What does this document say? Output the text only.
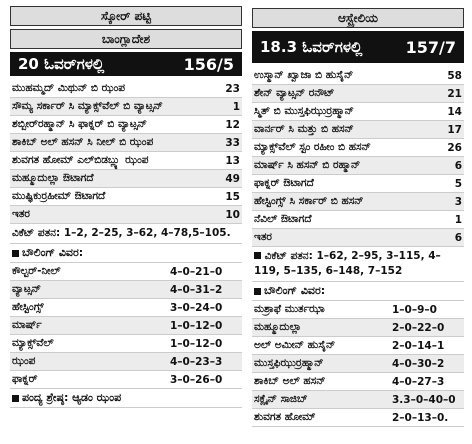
ಸ್ಕೋರ್ ಪಟ್ಟಿ
ಬಾಂಗ್ಲಾದೇಶ
20 ಓವರ್‌ಗಳಲ್ಲಿ	156/5
ಮುಹಮ್ಮದ್ ಮಿಥುನ್ ಬಿ ಝಂಪ	23
ಸೌಮ್ಯ ಸರ್ಕಾರ್ ಸಿ ಮ್ಯಾಕ್ಸ್‌ವೆಲ್ ಬಿ ವ್ಯಾಟ್ಸನ್	1
ಶಬ್ಬೀರ್‌ರಹ್ಮಾನ್ ಸಿ ಫಾಕ್ನರ್ ಬಿ ವ್ಯಾಟ್ಸನ್	12
ಶಾಕಿಬ್ ಅಲ್ ಹಸನ್ ಸಿ ನೀಲ್ ಬಿ ಝಂಪ	33
ಶುವಗತ ಹೋಮ್ ಎಲ್‌ಬಿಡಬ್ಲ್ಯು ಝಂಪ	13
ಮಹ್ಮೂದುಲ್ಲಾ ಔಟಾಗದೆ	49
ಮುಷ್ಫಿಕುರ್ರಹೀಮ್ ಔಟಾಗದೆ	15
ಇತರ	10
ವಿಕೆಟ್ ಪತನ: 1–2, 2–25, 3–62, 4–78,5–105.
ಬೌಲಿಂಗ್ ವಿವರ:
ಕೌಲ್ಟರ್-ನೀಲ್	4–0–21–0
ವ್ಯಾಟ್ಸನ್	4–0–31–2
ಹೇಸ್ಟಿಂಗ್ಸ್	3–0–24–0
ಮಾರ್ಷ್	1–0–12–0
ಮ್ಯಾಕ್ಸ್‌ವೆಲ್	1–0–12–0
ಝಂಪ	4–0–23–3
ಫಾಕ್ನರ್	3–0–26–0
ಪಂದ್ಯ ಶ್ರೇಷ್ಠ: ಆ್ಯಡಂ ಝಂಪ
ಆಸ್ಟ್ರೇಲಿಯ
18.3 ಓವರ್‌ಗಳಲ್ಲಿ	157/7
ಉಸ್ಮಾನ್ ಖ್ವಾಜಾ ಬಿ ಹುಸೈನ್	58
ಶೇನ್ ವ್ಯಾಟ್ಸನ್ ರನೌಟ್	21
ಸ್ಮಿತ್ ಬಿ ಮುಸ್ತಫಿಝುರ್ರಹ್ಮಾನ್	14
ವಾರ್ನರ್ ಸಿ ಮತ್ತು ಬಿ ಹಸನ್	17
ಮ್ಯಾಕ್ಸ್‌ವೆಲ್ ಸ್ಟಂ ರಹೀಂ ಬಿ ಹಸನ್	26
ಮಾರ್ಷ್ ಸಿ ಹಸನ್ ಬಿ ರಹ್ಮಾನ್	6
ಫಾಕ್ನರ್ ಔಟಾಗದೆ	5
ಹೇಸ್ಟಿಂಗ್ಸ್ ಸಿ ಸರ್ಕಾರ್ ಬಿ ಹಸನ್	3
ನೆವಿಲ್ ಔಟಾಗದೆ	1
ಇತರ	6
ವಿಕೆಟ್ ಪತನ: 1–62, 2–95, 3–115, 4–119, 5–135, 6–148, 7–152
ಬೌಲಿಂಗ್ ವಿವರ:
ಮಶ್ರಾಫೆ ಮುರ್ತಝಾ	1–0–9–0
ಮಹ್ಮೂದುಲ್ಲಾ	2–0–22–0
ಅಲ್ ಅಮೀನ್ ಹುಸೈನ್	2–0–14–1
ಮುಸ್ತಫಿಝುರ್ರಹ್ಮಾನ್	4–0–30–2
ಶಾಕಿಬ್ ಅಲ್ ಹಸನ್	4–0–27–3
ಸಕ್ಲೈನ್ ಸಾಜಿಬ್	3.3–0–40–0
ಶುವಗತ ಹೋಮ್	2–0–13–0.
